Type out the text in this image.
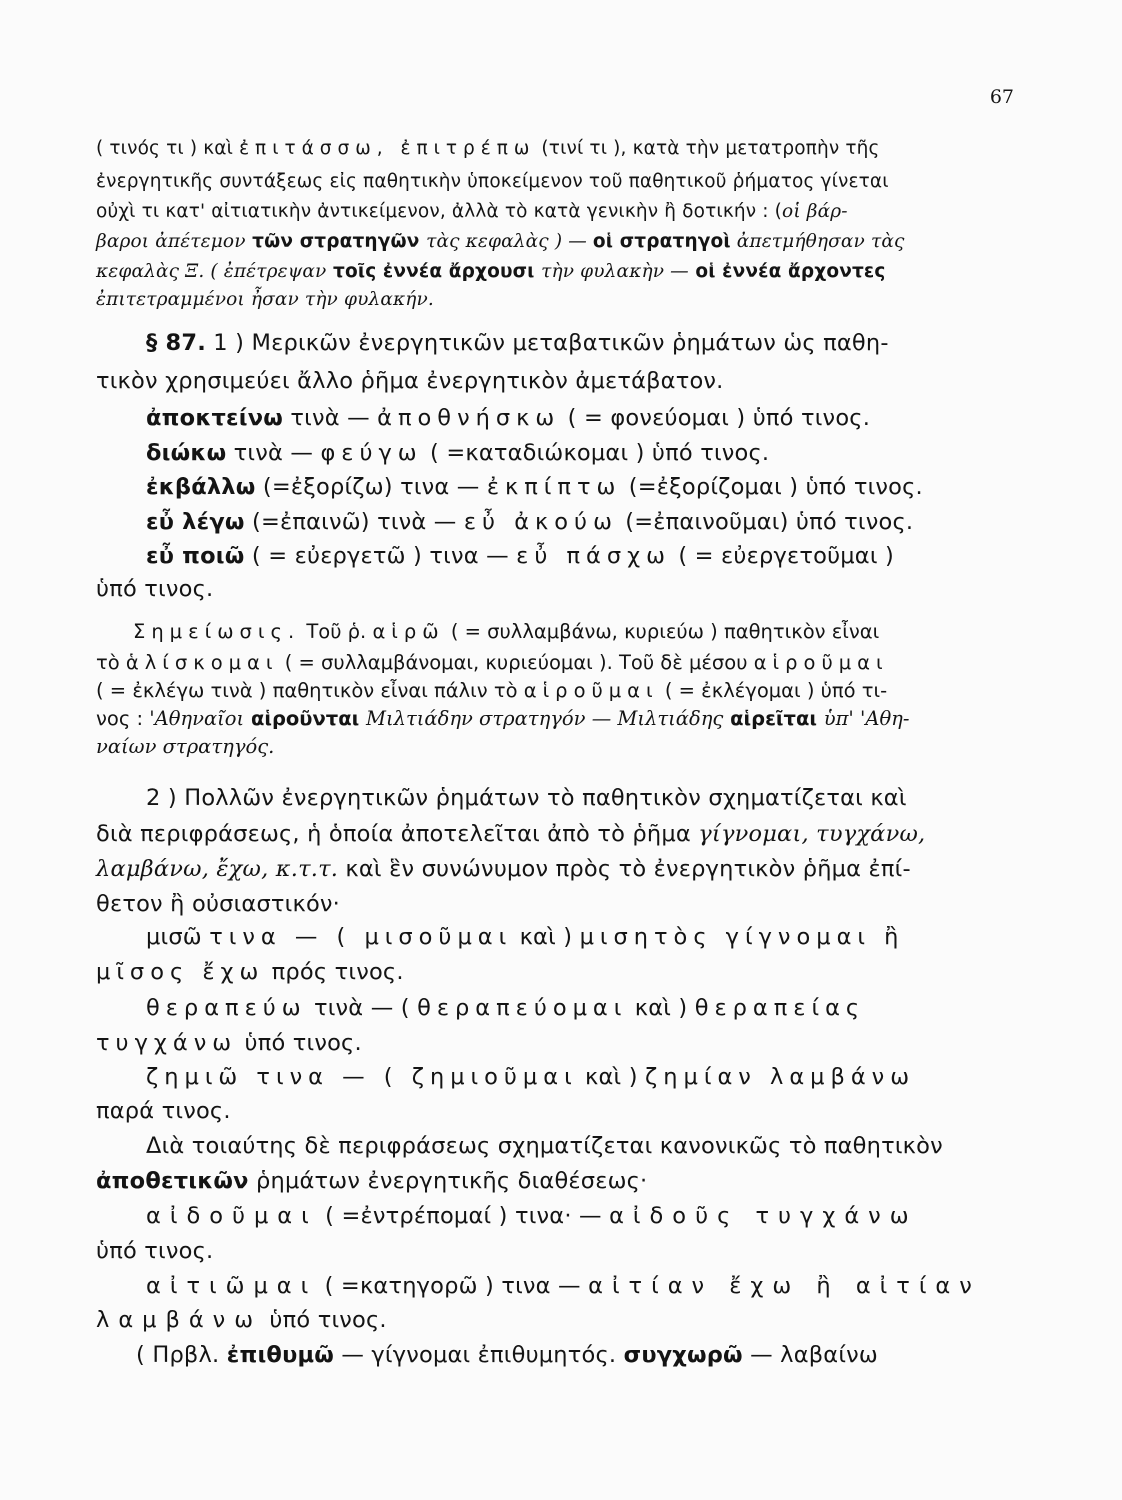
67
( τινός τι ) καὶ ἐπιτάσσω, ἐπιτρέπω (τινί τι ), κατὰ τὴν μετατροπὴν τῆς
ἐνεργητικῆς συντάξεως εἰς παθητικὴν ὑποκείμενον τοῦ παθητικοῦ ῥήματος γίνεται
οὐχὶ τι κατ' αἰτιατικὴν ἀντικείμενον, ἀλλὰ τὸ κατὰ γενικὴν ἢ δοτικήν : (οἱ βάρ-
βαροι ἀπέτεμον τῶν στρατηγῶν τὰς κεφαλὰς ) — οἱ στρατηγοὶ ἀπετμήθησαν τὰς
κεφαλὰς Ξ. ( ἐπέτρεψαν τοῖς ἐννέα ἄρχουσι τὴν φυλακὴν — οἱ ἐννέα ἄρχοντες
ἐπιτετραμμένοι ἦσαν τὴν φυλακήν.
§ 87. 1 ) Μερικῶν ἐνεργητικῶν μεταβατικῶν ῥημάτων ὡς παθη-
τικὸν χρησιμεύει ἄλλο ῥῆμα ἐνεργητικὸν ἀμετάβατον.
ἀποκτείνω τινὰ — ἀποθνήσκω ( = φονεύομαι ) ὑπό τινος.
διώκω τινὰ — φεύγω ( =καταδιώκομαι ) ὑπό τινος.
ἐκβάλλω (=ἐξορίζω) τινα — ἐκπίπτω (=ἐξορίζομαι ) ὑπό τινος.
εὖ λέγω (=ἐπαινῶ) τινὰ — εὖ ἀκούω (=ἐπαινοῦμαι) ὑπό τινος.
εὖ ποιῶ ( = εὐεργετῶ ) τινα — εὖ πάσχω ( = εὐεργετοῦμαι )
ὑπό τινος.
Σημείωσις. Τοῦ ῥ. αἱρῶ ( = συλλαμβάνω, κυριεύω ) παθητικὸν εἶναι
τὸ ἁλίσκομαι ( = συλλαμβάνομαι, κυριεύομαι ). Τοῦ δὲ μέσου αἱροῦμαι
( = ἐκλέγω τινὰ ) παθητικὸν εἶναι πάλιν τὸ αἱροῦμαι ( = ἐκλέγομαι ) ὑπό τι-
νος : 'Αθηναῖοι αἱροῦνται Μιλτιάδην στρατηγόν — Μιλτιάδης αἱρεῖται ὑπ' 'Αθη-
ναίων στρατηγός.
2 ) Πολλῶν ἐνεργητικῶν ῥημάτων τὸ παθητικὸν σχηματίζεται καὶ
διὰ περιφράσεως, ἡ ὁποία ἀποτελεῖται ἀπὸ τὸ ῥῆμα γίγνομαι, τυγχάνω,
λαμβάνω, ἔχω, κ.τ.τ. καὶ ἓν συνώνυμον πρὸς τὸ ἐνεργητικὸν ῥῆμα ἐπί-
θετον ἢ οὐσιαστικόν·
μισῶ τινα — ( μισοῦμαι καὶ ) μισητὸς γίγνομαι ἢ
μῖσος ἔχω πρός τινος.
θεραπεύω τινὰ — ( θεραπεύομαι καὶ ) θεραπείας
τυγχάνω ὑπό τινος.
ζημιῶ τινα — ( ζημιοῦμαι καὶ ) ζημίαν λαμβάνω
παρά τινος.
Διὰ τοιαύτης δὲ περιφράσεως σχηματίζεται κανονικῶς τὸ παθητικὸν
ἀποθετικῶν ῥημάτων ἐνεργητικῆς διαθέσεως·
αἰδοῦμαι ( =ἐντρέπομαί ) τινα· — αἰδοῦς τυγχάνω
ὑπό τινος.
αἰτιῶμαι ( =κατηγορῶ ) τινα — αἰτίαν ἔχω ἢ αἰτίαν
λαμβάνω ὑπό τινος.
( Πρβλ. ἐπιθυμῶ — γίγνομαι ἐπιθυμητός. συγχωρῶ — λαβαίνω
